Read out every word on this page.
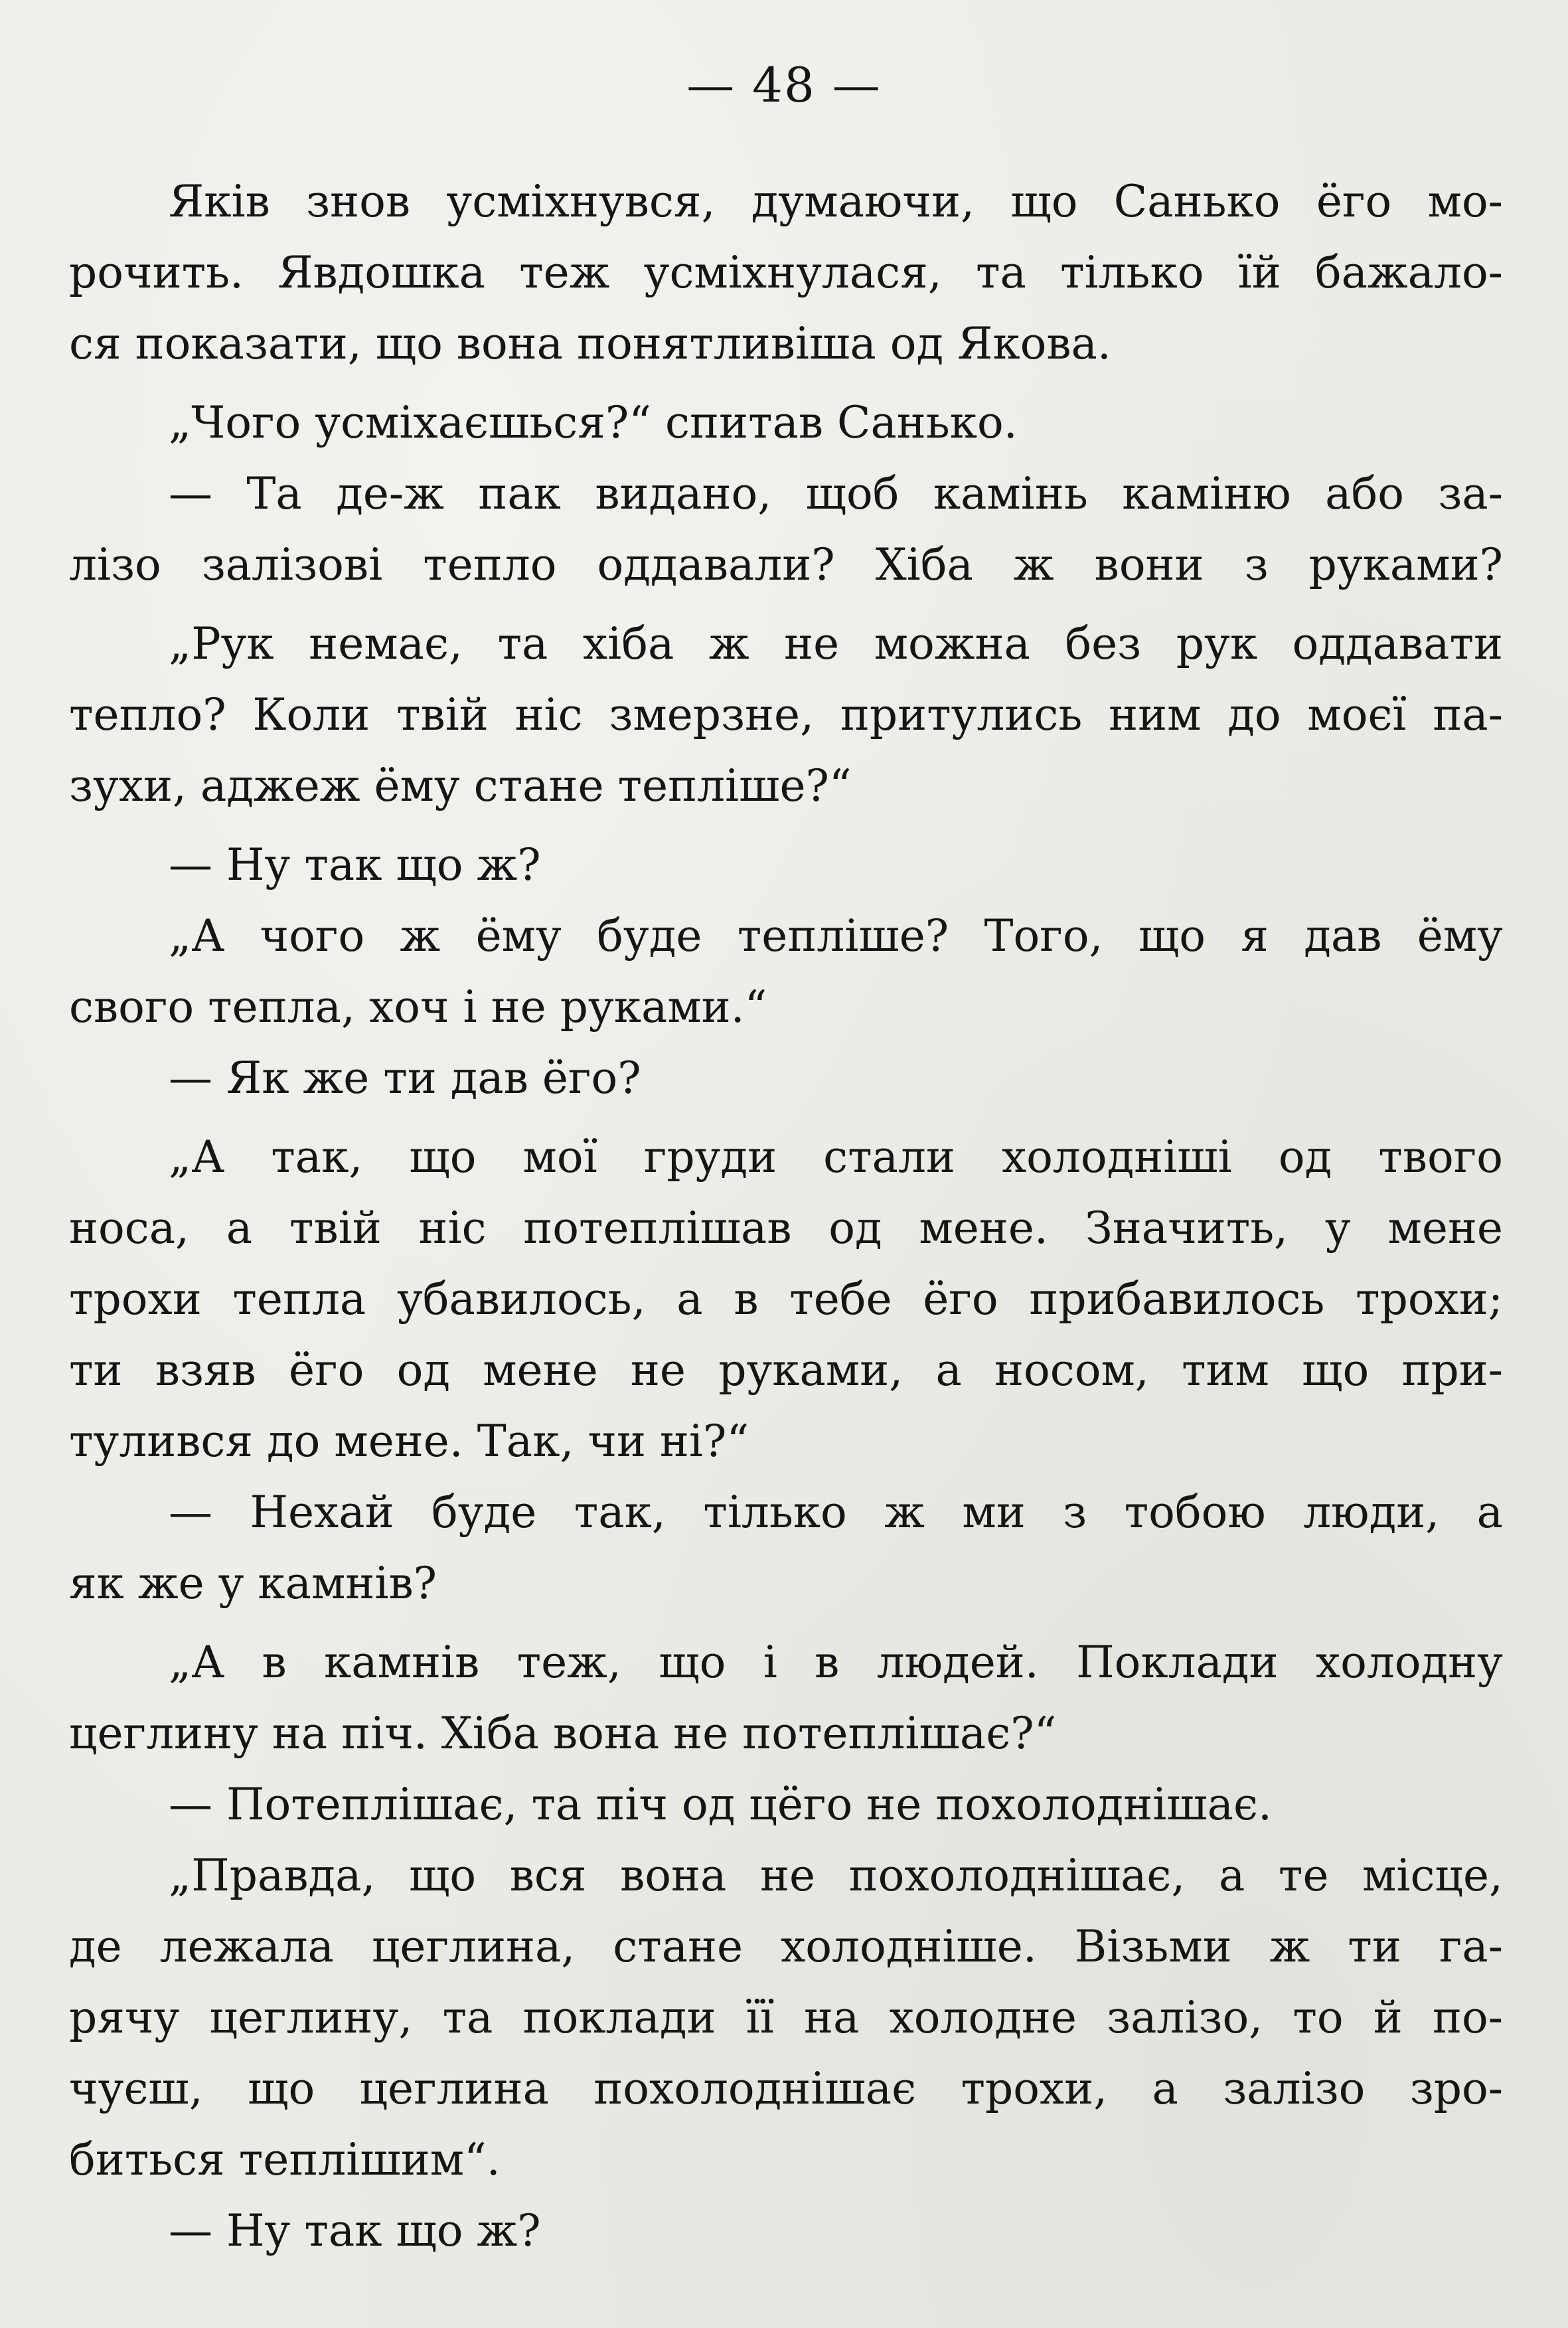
— 48 —
Яків знов усміхнувся, думаючи, що Санько ёго мо-
рочить. Явдошка теж усміхнулася, та тілько їй бажало-
ся показати, що вона понятливіша од Якова.
„Чого усміхаєшься?“ спитав Санько.
— Та де-ж пак видано, щоб камінь каміню або за-
лізо залізові тепло оддавали? Хіба ж вони з руками?
„Рук немає, та хіба ж не можна без рук оддавати
тепло? Коли твій ніс змерзне, притулись ним до моєї па-
зухи, аджеж ёму стане тепліше?“
— Ну так що ж?
„А чого ж ёму буде тепліше? Того, що я дав ёму
свого тепла, хоч і не руками.“
— Як же ти дав ёго?
„А так, що мої груди стали холодніші од твого
носа, а твій ніс потеплішав од мене. Значить, у мене
трохи тепла убавилось, а в тебе ёго прибавилось трохи;
ти взяв ёго од мене не руками, а носом, тим що при-
тулився до мене. Так, чи ні?“
— Нехай буде так, тілько ж ми з тобою люди, а
як же у камнів?
„А в камнів теж, що і в людей. Поклади холодну
цеглину на піч. Хіба вона не потеплішає?“
— Потеплішає, та піч од цёго не похолоднішає.
„Правда, що вся вона не похолоднішає, а те місце,
де лежала цеглина, стане холодніше. Візьми ж ти га-
рячу цеглину, та поклади її на холодне залізо, то й по-
чуєш, що цеглина похолоднішає трохи, а залізо зро-
биться теплішим“.
— Ну так що ж?
